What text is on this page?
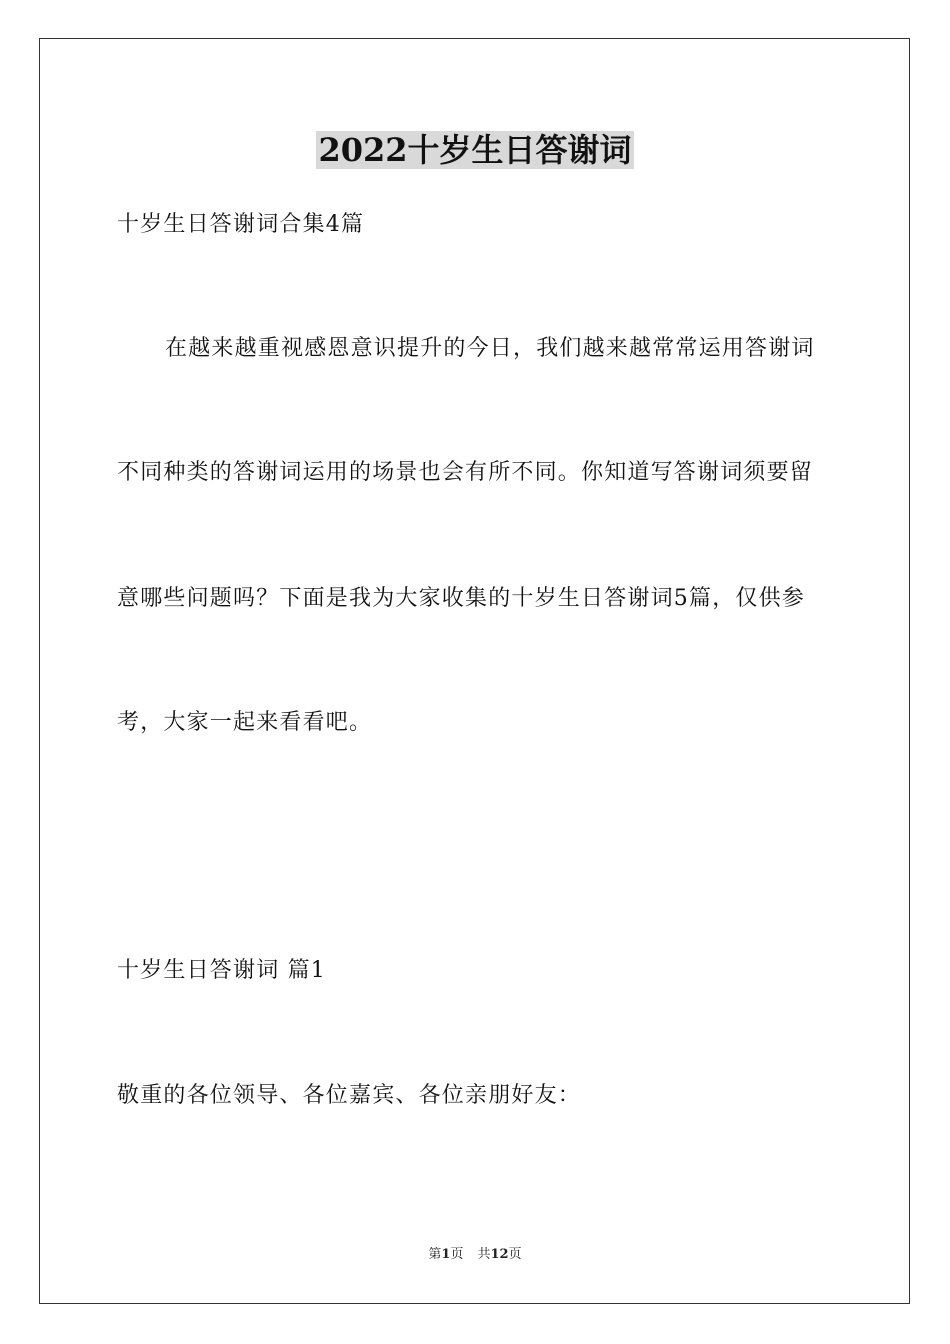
2022十岁生日答谢词

十岁生日答谢词合集4篇

在越来越重视感恩意识提升的今日，我们越来越常常运用答谢词

不同种类的答谢词运用的场景也会有所不同。你知道写答谢词须要留

意哪些问题吗？下面是我为大家收集的十岁生日答谢词5篇，仅供参

考，大家一起来看看吧。

十岁生日答谢词 篇1

敬重的各位领导、各位嘉宾、各位亲朋好友：

第1页 共12页
